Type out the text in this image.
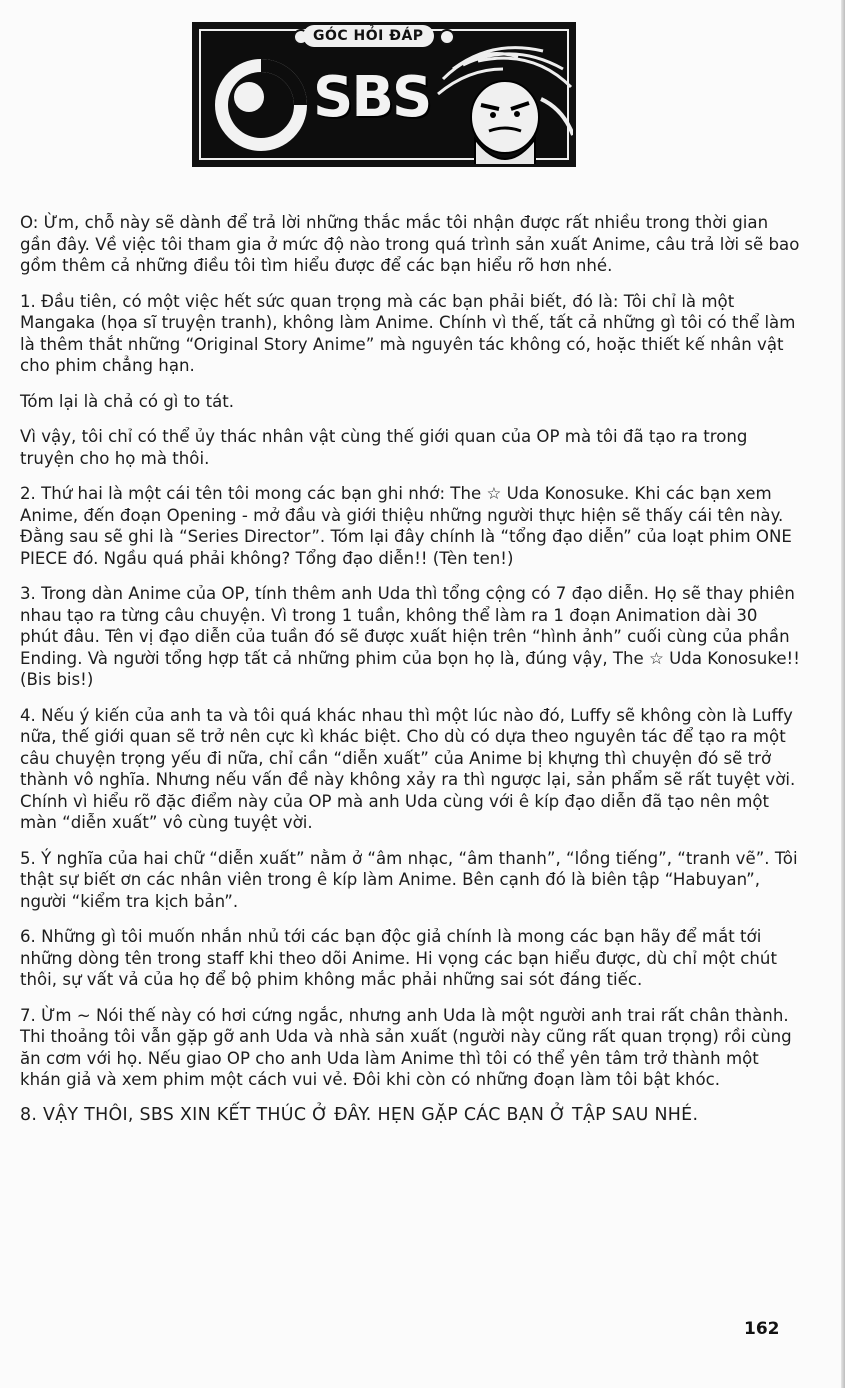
GÓC HỎI ĐÁP
SBS

O: Ừm, chỗ này sẽ dành để trả lời những thắc mắc tôi nhận được rất nhiều trong thời gian gần đây. Về việc tôi tham gia ở mức độ nào trong quá trình sản xuất Anime, câu trả lời sẽ bao gồm thêm cả những điều tôi tìm hiểu được để các bạn hiểu rõ hơn nhé.

1. Đầu tiên, có một việc hết sức quan trọng mà các bạn phải biết, đó là: Tôi chỉ là một Mangaka (họa sĩ truyện tranh), không làm Anime. Chính vì thế, tất cả những gì tôi có thể làm là thêm thắt những “Original Story Anime” mà nguyên tác không có, hoặc thiết kế nhân vật cho phim chẳng hạn.

Tóm lại là chả có gì to tát.

Vì vậy, tôi chỉ có thể ủy thác nhân vật cùng thế giới quan của OP mà tôi đã tạo ra trong truyện cho họ mà thôi.

2. Thứ hai là một cái tên tôi mong các bạn ghi nhớ: The ☆ Uda Konosuke. Khi các bạn xem Anime, đến đoạn Opening - mở đầu và giới thiệu những người thực hiện sẽ thấy cái tên này. Đằng sau sẽ ghi là “Series Director”. Tóm lại đây chính là “tổng đạo diễn” của loạt phim ONE PIECE đó. Ngầu quá phải không? Tổng đạo diễn!! (Tèn ten!)

3. Trong dàn Anime của OP, tính thêm anh Uda thì tổng cộng có 7 đạo diễn. Họ sẽ thay phiên nhau tạo ra từng câu chuyện. Vì trong 1 tuần, không thể làm ra 1 đoạn Animation dài 30 phút đâu. Tên vị đạo diễn của tuần đó sẽ được xuất hiện trên “hình ảnh” cuối cùng của phần Ending. Và người tổng hợp tất cả những phim của bọn họ là, đúng vậy, The ☆ Uda Konosuke!! (Bis bis!)

4. Nếu ý kiến của anh ta và tôi quá khác nhau thì một lúc nào đó, Luffy sẽ không còn là Luffy nữa, thế giới quan sẽ trở nên cực kì khác biệt. Cho dù có dựa theo nguyên tác để tạo ra một câu chuyện trọng yếu đi nữa, chỉ cần “diễn xuất” của Anime bị khựng thì chuyện đó sẽ trở thành vô nghĩa. Nhưng nếu vấn đề này không xảy ra thì ngược lại, sản phẩm sẽ rất tuyệt vời. Chính vì hiểu rõ đặc điểm này của OP mà anh Uda cùng với ê kíp đạo diễn đã tạo nên một màn “diễn xuất” vô cùng tuyệt vời.

5. Ý nghĩa của hai chữ “diễn xuất” nằm ở “âm nhạc, “âm thanh”, “lồng tiếng”, “tranh vẽ”. Tôi thật sự biết ơn các nhân viên trong ê kíp làm Anime. Bên cạnh đó là biên tập “Habuyan”, người “kiểm tra kịch bản”.

6. Những gì tôi muốn nhắn nhủ tới các bạn độc giả chính là mong các bạn hãy để mắt tới những dòng tên trong staff khi theo dõi Anime. Hi vọng các bạn hiểu được, dù chỉ một chút thôi, sự vất vả của họ để bộ phim không mắc phải những sai sót đáng tiếc.

7. Ừm ~ Nói thế này có hơi cứng ngắc, nhưng anh Uda là một người anh trai rất chân thành. Thi thoảng tôi vẫn gặp gỡ anh Uda và nhà sản xuất (người này cũng rất quan trọng) rồi cùng ăn cơm với họ. Nếu giao OP cho anh Uda làm Anime thì tôi có thể yên tâm trở thành một khán giả và xem phim một cách vui vẻ. Đôi khi còn có những đoạn làm tôi bật khóc.

8. VẬY THÔI, SBS XIN KẾT THÚC Ở ĐÂY. HẸN GẶP CÁC BẠN Ở TẬP SAU NHÉ.

162
